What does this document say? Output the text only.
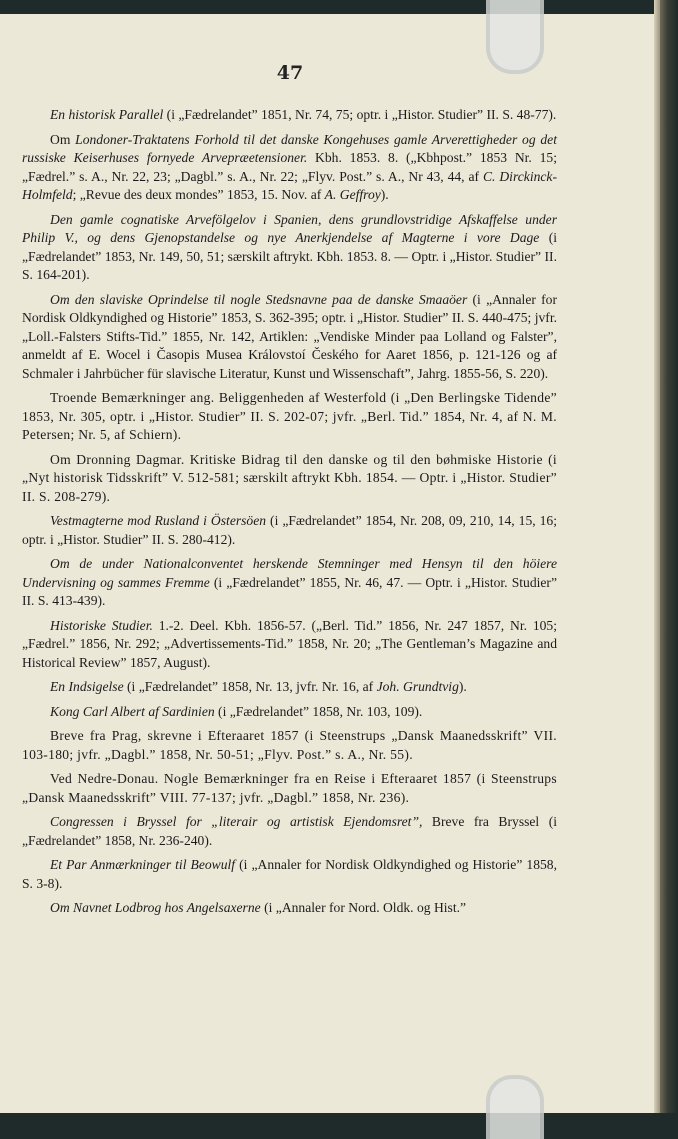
47

En historisk Parallel (i „Fædrelandet” 1851, Nr. 74, 75; optr. i „Histor. Studier” II. S. 48-77).

Om Londoner-Traktatens Forhold til det danske Kongehuses gamle Arverettigheder og det russiske Keiserhuses fornyede Arvepræetensioner. Kbh. 1853. 8. („Kbhpost.” 1853 Nr. 15; „Fædrel.” s. A., Nr. 22, 23; „Dagbl.” s. A., Nr. 22; „Flyv. Post.” s. A., Nr 43, 44, af C. Dirckinck-Holmfeld; „Revue des deux mondes” 1853, 15. Nov. af A. Geffroy).

Den gamle cognatiske Arvefölgelov i Spanien, dens grundlovstridige Afskaffelse under Philip V., og dens Gjenopstandelse og nye Anerkjendelse af Magterne i vore Dage (i „Fædrelandet” 1853, Nr. 149, 50, 51; særskilt aftrykt. Kbh. 1853. 8. — Optr. i „Histor. Studier” II. S. 164-201).

Om den slaviske Oprindelse til nogle Stedsnavne paa de danske Smaaöer (i „Annaler for Nordisk Oldkyndighed og Historie” 1853, S. 362-395; optr. i „Histor. Studier” II. S. 440-475; jvfr. „Loll.-Falsters Stifts-Tid.” 1855, Nr. 142, Artiklen: „Vendiske Minder paa Lolland og Falster”, anmeldt af E. Wocel i Časopis Musea Královstoí Českého for Aaret 1856, p. 121-126 og af Schmaler i Jahrbücher für slavische Literatur, Kunst und Wissenschaft”, Jahrg. 1855-56, S. 220).

Troende Bemærkninger ang. Beliggenheden af Westerfold (i „Den Berlingske Tidende” 1853, Nr. 305, optr. i „Histor. Studier” II. S. 202-07; jvfr. „Berl. Tid.” 1854, Nr. 4, af N. M. Petersen; Nr. 5, af Schiern).

Om Dronning Dagmar. Kritiske Bidrag til den danske og til den bøhmiske Historie (i „Nyt historisk Tidsskrift” V. 512-581; særskilt aftrykt Kbh. 1854. — Optr. i „Histor. Studier” II. S. 208-279).

Vestmagterne mod Rusland i Östersöen (i „Fædrelandet” 1854, Nr. 208, 09, 210, 14, 15, 16; optr. i „Histor. Studier” II. S. 280-412).

Om de under Nationalconventet herskende Stemninger med Hensyn til den höiere Undervisning og sammes Fremme (i „Fædrelandet” 1855, Nr. 46, 47. — Optr. i „Histor. Studier” II. S. 413-439).

Historiske Studier. 1.-2. Deel. Kbh. 1856-57. („Berl. Tid.” 1856, Nr. 247 1857, Nr. 105; „Fædrel.” 1856, Nr. 292; „Advertissements-Tid.” 1858, Nr. 20; „The Gentleman’s Magazine and Historical Review” 1857, August).

En Indsigelse (i „Fædrelandet” 1858, Nr. 13, jvfr. Nr. 16, af Joh. Grundtvig).

Kong Carl Albert af Sardinien (i „Fædrelandet” 1858, Nr. 103, 109).

Breve fra Prag, skrevne i Efteraaret 1857 (i Steenstrups „Dansk Maanedsskrift” VII. 103-180; jvfr. „Dagbl.” 1858, Nr. 50-51; „Flyv. Post.” s. A., Nr. 55).

Ved Nedre-Donau. Nogle Bemærkninger fra en Reise i Efteraaret 1857 (i Steenstrups „Dansk Maanedsskrift” VIII. 77-137; jvfr. „Dagbl.” 1858, Nr. 236).

Congressen i Bryssel for „literair og artistisk Ejendomsret”, Breve fra Bryssel (i „Fædrelandet” 1858, Nr. 236-240).

Et Par Anmærkninger til Beowulf (i „Annaler for Nordisk Oldkyndighed og Historie” 1858, S. 3-8).

Om Navnet Lodbrog hos Angelsaxerne (i „Annaler for Nord. Oldk. og Hist.”
